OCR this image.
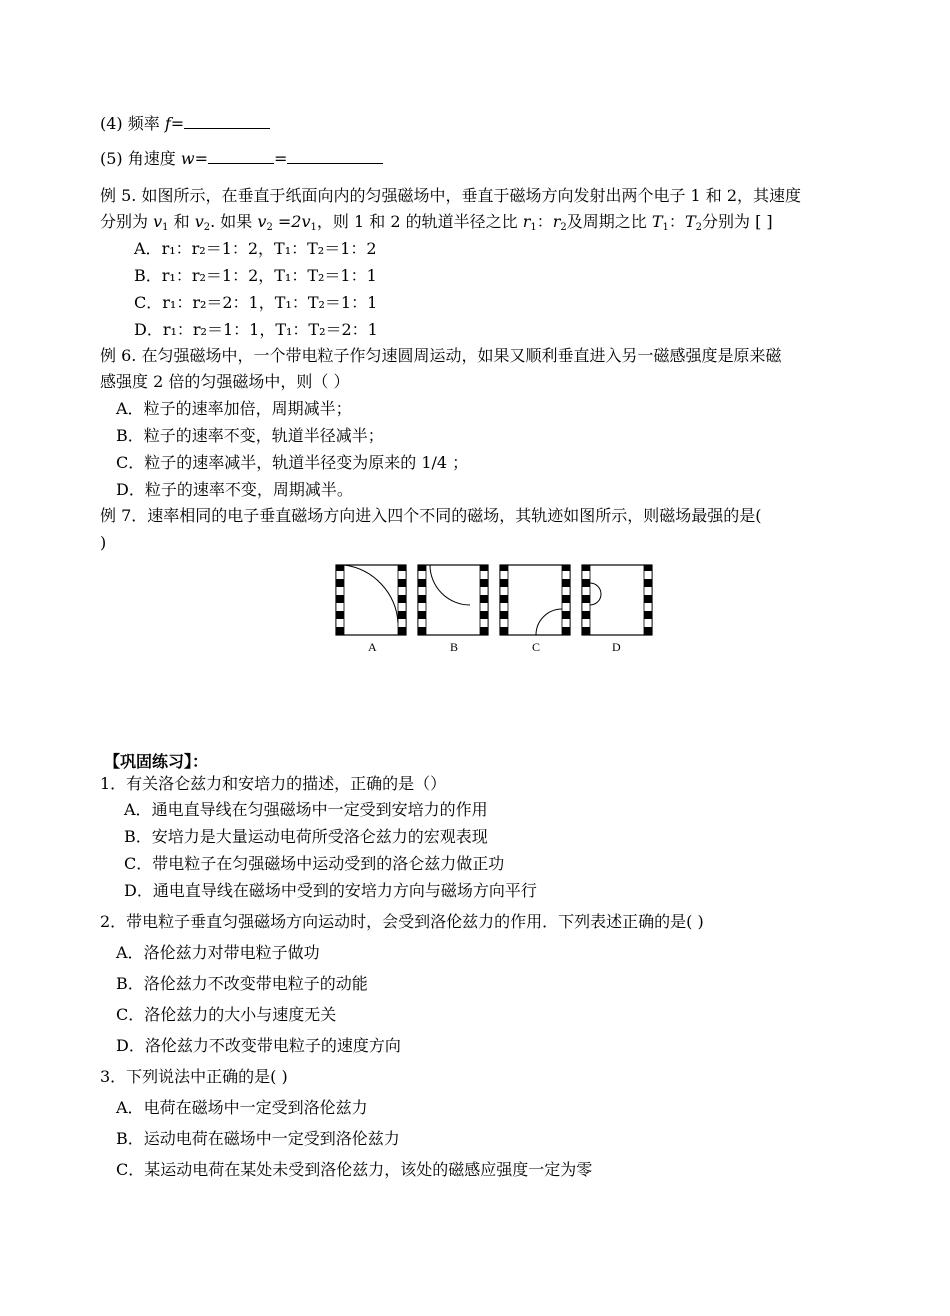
(4) 频率 f=
(5) 角速度 w=	=
例 5. 如图所示，在垂直于纸面向内的匀强磁场中，垂直于磁场方向发射出两个电子 1 和 2，其速度
分别为 $v_1$ 和 $v_2$. 如果 $v_2 =2v_1$，则 1 和 2 的轨道半径之比 $r_1$：$r_2$及周期之比 $T_1$：$T_2$分别为 [ ]
A．r₁：r₂＝1：2，T₁：T₂＝1：2
B．r₁：r₂＝1：2，T₁：T₂＝1：1
C．r₁：r₂＝2：1，T₁：T₂＝1：1
D．r₁：r₂＝1：1，T₁：T₂＝2：1
例 6. 在匀强磁场中，一个带电粒子作匀速圆周运动，如果又顺利垂直进入另一磁感强度是原来磁
感强度 2 倍的匀强磁场中，则（ ）
A．粒子的速率加倍，周期减半；
B．粒子的速率不变，轨道半径减半；
C．粒子的速率减半，轨道半径变为原来的 1/4 ；
D．粒子的速率不变，周期减半。
例 7．速率相同的电子垂直磁场方向进入四个不同的磁场，其轨迹如图所示，则磁场最强的是(
)
A	B	C	D
【巩固练习】：
1．有关洛仑兹力和安培力的描述，正确的是（）
A．通电直导线在匀强磁场中一定受到安培力的作用
B．安培力是大量运动电荷所受洛仑兹力的宏观表现
C．带电粒子在匀强磁场中运动受到的洛仑兹力做正功
D．通电直导线在磁场中受到的安培力方向与磁场方向平行
2．带电粒子垂直匀强磁场方向运动时，会受到洛伦兹力的作用．下列表述正确的是( )
A．洛伦兹力对带电粒子做功
B．洛伦兹力不改变带电粒子的动能
C．洛伦兹力的大小与速度无关
D．洛伦兹力不改变带电粒子的速度方向
3．下列说法中正确的是( )
A．电荷在磁场中一定受到洛伦兹力
B．运动电荷在磁场中一定受到洛伦兹力
C．某运动电荷在某处未受到洛伦兹力，该处的磁感应强度一定为零
